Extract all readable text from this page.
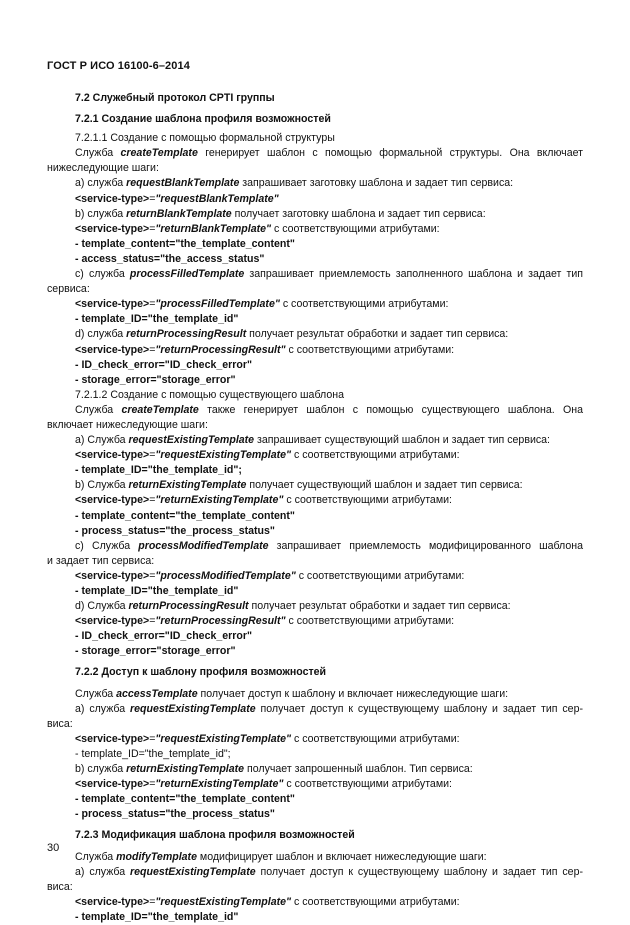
ГОСТ Р ИСО 16100-6–2014
7.2 Служебный протокол CPTI группы
7.2.1 Создание шаблона профиля возможностей
7.2.1.1 Создание с помощью формальной структуры
Служба createTemplate генерирует шаблон с помощью формальной структуры. Она включает
нижеследующие шаги:
а) служба requestBlankTemplate запрашивает заготовку шаблона и задает тип сервиса:
<service-type>="requestBlankTemplate"
b) служба returnBlankTemplate получает заготовку шаблона и задает тип сервиса:
<service-type>="returnBlankTemplate" с соответствующими атрибутами:
- template_content="the_template_content"
- access_status="the_access_status"
c) служба processFilledTemplate запрашивает приемлемость заполненного шаблона и задает тип
сервиса:
<service-type>="processFilledTemplate" с соответствующими атрибутами:
- template_ID="the_template_id"
d) служба returnProcessingResult получает результат обработки и задает тип сервиса:
<service-type>="returnProcessingResult" с соответствующими атрибутами:
- ID_check_error="ID_check_error"
- storage_error="storage_error"
7.2.1.2 Создание с помощью существующего шаблона
Служба createTemplate также генерирует шаблон с помощью существующего шаблона. Она
включает нижеследующие шаги:
а) Служба requestExistingTemplate запрашивает существующий шаблон и задает тип сервиса:
<service-type>="requestExistingTemplate" с соответствующими атрибутами:
- template_ID="the_template_id";
b) Служба returnExistingTemplate получает существующий шаблон и задает тип сервиса:
<service-type>="returnExistingTemplate" с соответствующими атрибутами:
- template_content="the_template_content"
- process_status="the_process_status"
c) Служба processModifiedTemplate запрашивает приемлемость модифицированного шаблона
и задает тип сервиса:
<service-type>="processModifiedTemplate" с соответствующими атрибутами:
- template_ID="the_template_id"
d) Служба returnProcessingResult получает результат обработки и задает тип сервиса:
<service-type>="returnProcessingResult" с соответствующими атрибутами:
- ID_check_error="ID_check_error"
- storage_error="storage_error"
7.2.2 Доступ к шаблону профиля возможностей
Служба accessTemplate получает доступ к шаблону и включает нижеследующие шаги:
а) служба requestExistingTemplate получает доступ к существующему шаблону и задает тип сер-
виса:
<service-type>="requestExistingTemplate" с соответствующими атрибутами:
- template_ID="the_template_id";
b) служба returnExistingTemplate получает запрошенный шаблон. Тип сервиса:
<service-type>="returnExistingTemplate" с соответствующими атрибутами:
- template_content="the_template_content"
- process_status="the_process_status"
7.2.3 Модификация шаблона профиля возможностей
Служба modifyTemplate модифицирует шаблон и включает нижеследующие шаги:
а) служба requestExistingTemplate получает доступ к существующему шаблону и задает тип сер-
виса:
<service-type>="requestExistingTemplate" с соответствующими атрибутами:
- template_ID="the_template_id"
30
